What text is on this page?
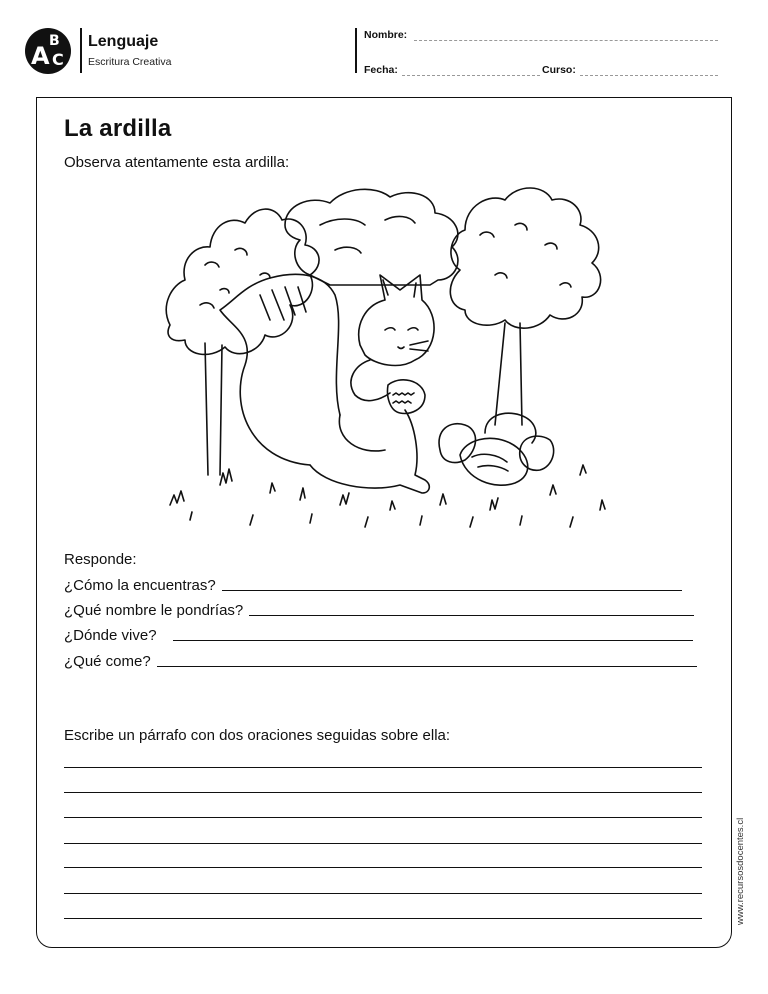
A
B
C
Lenguaje
Escritura Creativa
Nombre:
Fecha:	Curso:
La ardilla
Observa atentamente esta ardilla:
Responde:
¿Cómo la encuentras?
¿Qué nombre le pondrías?
¿Dónde vive?
¿Qué come?
Escribe un párrafo con dos oraciones seguidas sobre ella:
www.recursosdocentes.cl
